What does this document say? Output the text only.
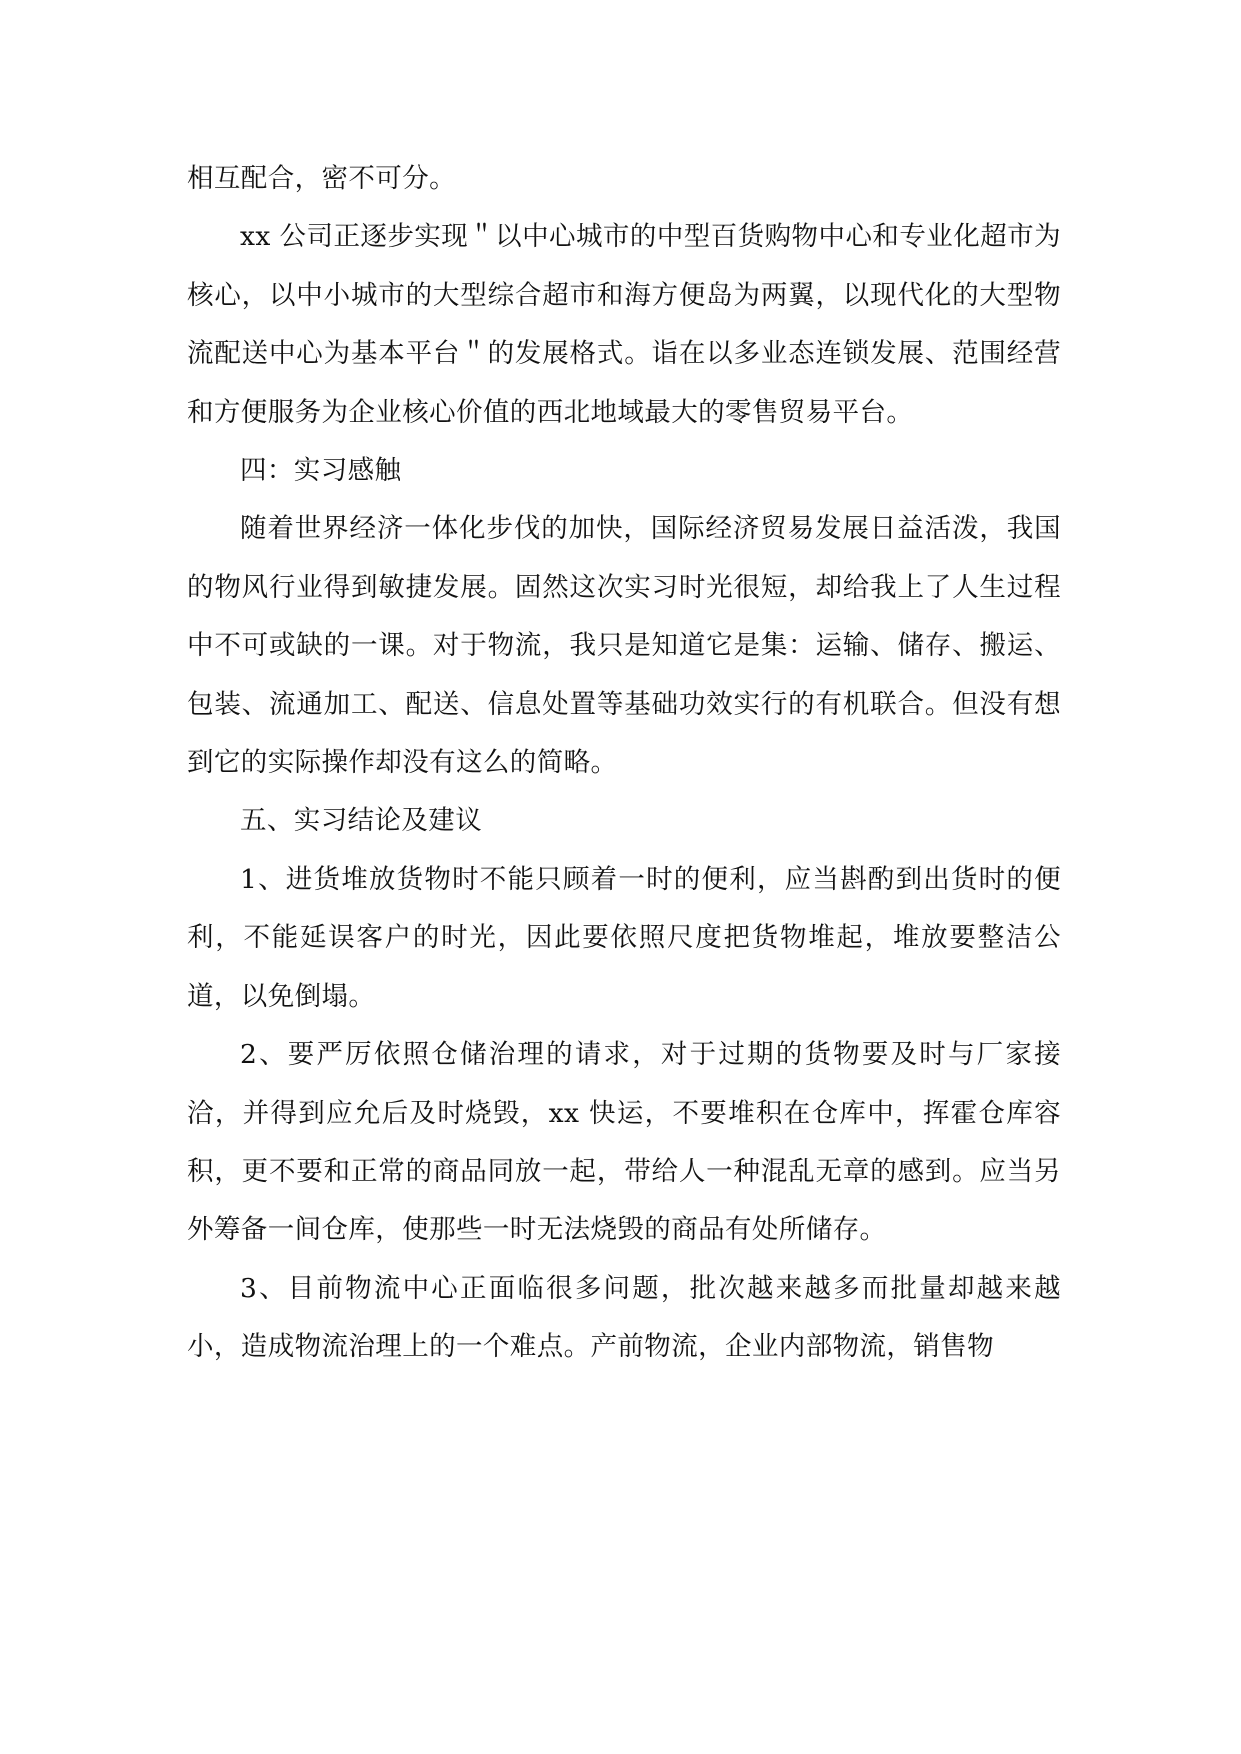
相互配合，密不可分。

xx 公司正逐步实现＂以中心城市的中型百货购物中心和专业化超市为核心，以中小城市的大型综合超市和海方便岛为两翼，以现代化的大型物流配送中心为基本平台＂的发展格式。诣在以多业态连锁发展、范围经营和方便服务为企业核心价值的西北地域最大的零售贸易平台。

四：实习感触

随着世界经济一体化步伐的加快，国际经济贸易发展日益活泼，我国的物风行业得到敏捷发展。固然这次实习时光很短，却给我上了人生过程中不可或缺的一课。对于物流，我只是知道它是集：运输、储存、搬运、包装、流通加工、配送、信息处置等基础功效实行的有机联合。但没有想到它的实际操作却没有这么的简略。

五、实习结论及建议

1、进货堆放货物时不能只顾着一时的便利，应当斟酌到出货时的便利，不能延误客户的时光，因此要依照尺度把货物堆起，堆放要整洁公道，以免倒塌。

2、要严厉依照仓储治理的请求，对于过期的货物要及时与厂家接洽，并得到应允后及时烧毁，xx 快运，不要堆积在仓库中，挥霍仓库容积，更不要和正常的商品同放一起，带给人一种混乱无章的感到。应当另外筹备一间仓库，使那些一时无法烧毁的商品有处所储存。

3、目前物流中心正面临很多问题，批次越来越多而批量却越来越小，造成物流治理上的一个难点。产前物流，企业内部物流，销售物
